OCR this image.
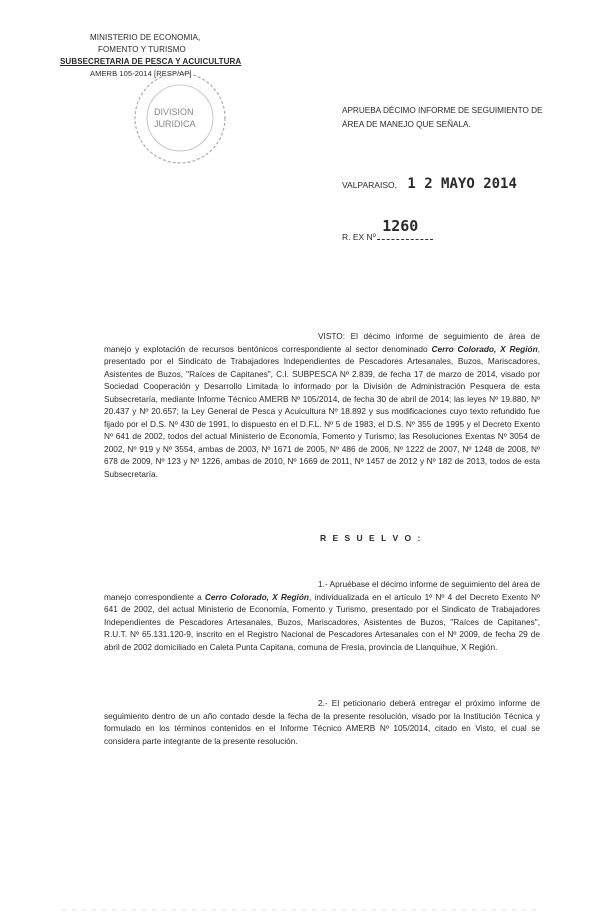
MINISTERIO DE ECONOMIA,
FOMENTO Y TURISMO
SUBSECRETARIA DE PESCA Y ACUICULTURA
AMERB 105-2014 [RESP/AP]
DIVISION
JURIDICA
APRUEBA DÉCIMO INFORME DE SEGUIMIENTO DE ÁREA DE MANEJO QUE SEÑALA.
VALPARAISO, 1 2 MAYO 2014
R. EX Nº 1260
VISTO: El décimo informe de seguimiento de área de manejo y explotación de recursos bentónicos correspondiente al sector denominado Cerro Colorado, X Región, presentado por el Sindicato de Trabajadores Independientes de Pescadores Artesanales, Buzos, Mariscadores, Asistentes de Buzos, "Raíces de Capitanes", C.I. SUBPESCA Nº 2.839, de fecha 17 de marzo de 2014, visado por Sociedad Cooperación y Desarrollo Limitada lo informado por la División de Administración Pesquera de esta Subsecretaría, mediante Informe Técnico AMERB Nº 105/2014, de fecha 30 de abril de 2014; las leyes Nº 19.880, Nº 20.437 y Nº 20.657; la Ley General de Pesca y Acuicultura Nº 18.892 y sus modificaciones cuyo texto refundido fue fijado por el D.S. Nº 430 de 1991, lo dispuesto en el D.F.L. Nº 5 de 1983, el D.S. Nº 355 de 1995 y el Decreto Exento Nº 641 de 2002, todos del actual Ministerio de Economía, Fomento y Turismo; las Resoluciones Exentas Nº 3054 de 2002, Nº 919 y Nº 3554, ambas de 2003, Nº 1671 de 2005, Nº 486 de 2006, Nº 1222 de 2007, Nº 1248 de 2008, Nº 678 de 2009, Nº 123 y Nº 1226, ambas de 2010, Nº 1669 de 2011, Nº 1457 de 2012 y Nº 182 de 2013, todos de esta Subsecretaría.
R E S U E L V O :
1.- Apruébase el décimo informe de seguimiento del área de manejo correspondiente a Cerro Colorado, X Región, individualizada en el artículo 1º Nº 4 del Decreto Exento Nº 641 de 2002, del actual Ministerio de Economía, Fomento y Turismo, presentado por el Sindicato de Trabajadores Independientes de Pescadores Artesanales, Buzos, Mariscadores, Asistentes de Buzos, "Raíces de Capitanes", R.U.T. Nº 65.131.120-9, inscrito en el Registro Nacional de Pescadores Artesanales con el Nº 2009, de fecha 29 de abril de 2002 domiciliado en Caleta Punta Capitana, comuna de Fresia, provincia de Llanquihue, X Región.
2.- El peticionario deberá entregar el próximo informe de seguimiento dentro de un año contado desde la fecha de la presente resolución, visado por la Institución Técnica y formulado en los términos contenidos en el Informe Técnico AMERB Nº 105/2014, citado en Visto, el cual se considera parte integrante de la presente resolución.
